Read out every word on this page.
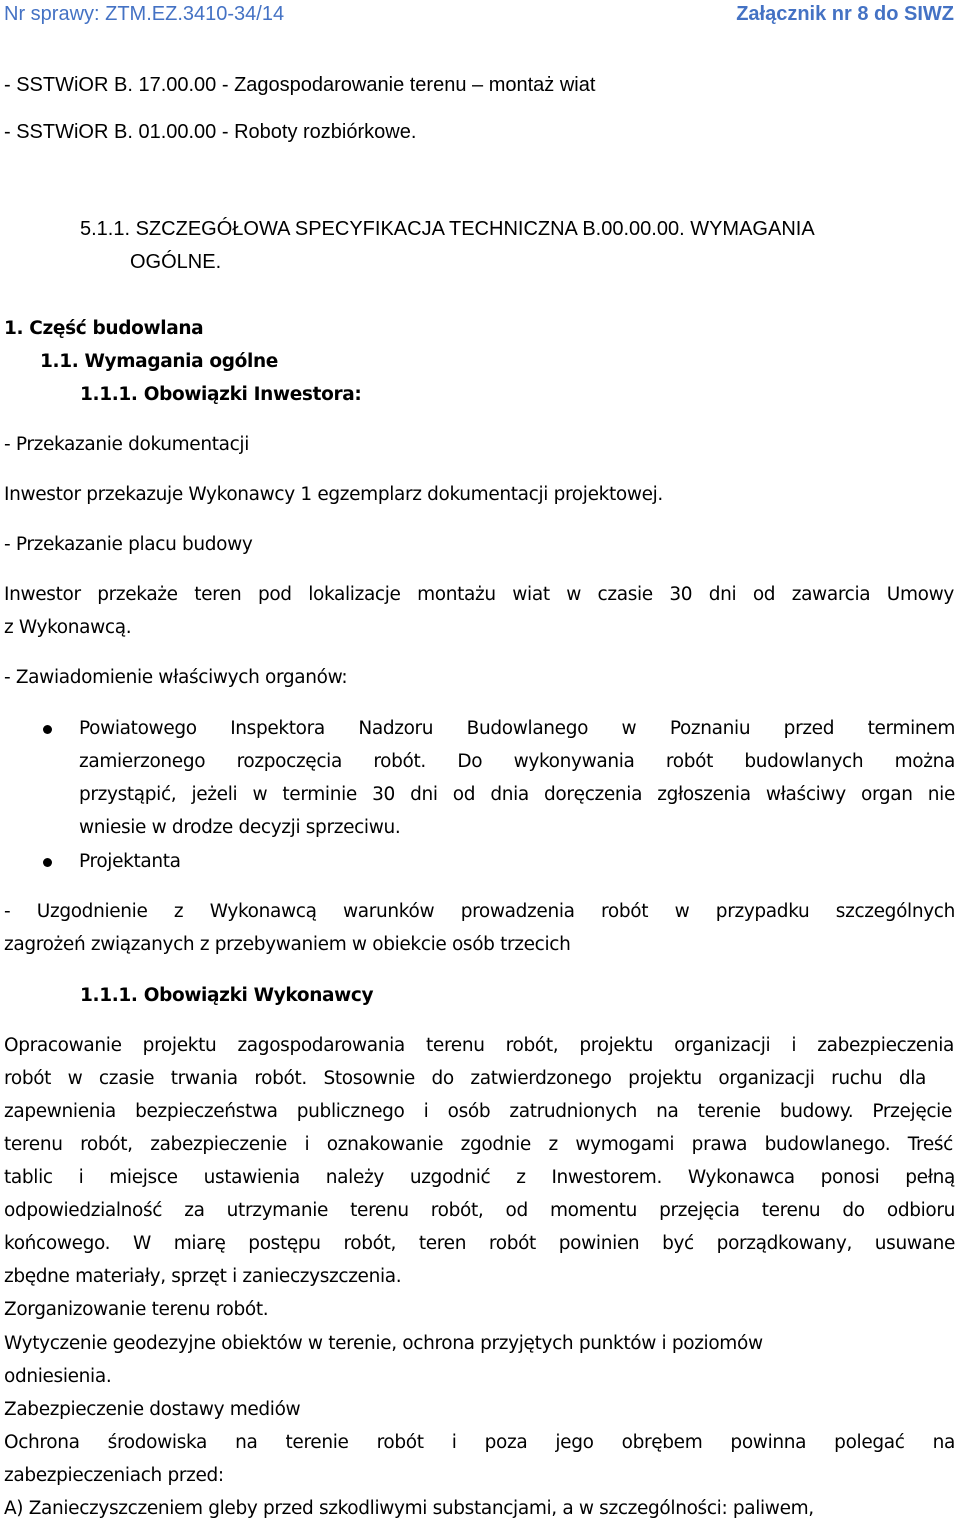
Nr sprawy: ZTM.EZ.3410-34/14	Załącznik nr 8 do SIWZ
- SSTWiOR B. 17.00.00 - Zagospodarowanie terenu – montaż wiat
- SSTWiOR B. 01.00.00 - Roboty rozbiórkowe.
5.1.1. SZCZEGÓŁOWA SPECYFIKACJA TECHNICZNA B.00.00.00. WYMAGANIA
OGÓLNE.
1. Część budowlana
1.1. Wymagania ogólne
1.1.1. Obowiązki Inwestora:
- Przekazanie dokumentacji
Inwestor przekazuje Wykonawcy 1 egzemplarz dokumentacji projektowej.
- Przekazanie placu budowy
Inwestor przekaże teren pod lokalizacje montażu wiat w czasie 30 dni od zawarcia Umowy
z Wykonawcą.
- Zawiadomienie właściwych organów:
Powiatowego Inspektora Nadzoru Budowlanego w Poznaniu przed terminem
zamierzonego rozpoczęcia robót. Do wykonywania robót budowlanych można
przystąpić, jeżeli w terminie 30 dni od dnia doręczenia zgłoszenia właściwy organ nie
wniesie w drodze decyzji sprzeciwu.
Projektanta
- Uzgodnienie z Wykonawcą warunków prowadzenia robót w przypadku szczególnych
zagrożeń związanych z przebywaniem w obiekcie osób trzecich
1.1.1. Obowiązki Wykonawcy
Opracowanie projektu zagospodarowania terenu robót, projektu organizacji i zabezpieczenia
robót w czasie trwania robót. Stosownie do zatwierdzonego projektu organizacji ruchu dla
zapewnienia bezpieczeństwa publicznego i osób zatrudnionych na terenie budowy. Przejęcie
terenu robót, zabezpieczenie i oznakowanie zgodnie z wymogami prawa budowlanego. Treść
tablic i miejsce ustawienia należy uzgodnić z Inwestorem. Wykonawca ponosi pełną
odpowiedzialność za utrzymanie terenu robót, od momentu przejęcia terenu do odbioru
końcowego. W miarę postępu robót, teren robót powinien być porządkowany, usuwane
zbędne materiały, sprzęt i zanieczyszczenia.
Zorganizowanie terenu robót.
Wytyczenie geodezyjne obiektów w terenie, ochrona przyjętych punktów i poziomów
odniesienia.
Zabezpieczenie dostawy mediów
Ochrona środowiska na terenie robót i poza jego obrębem powinna polegać na
zabezpieczeniach przed:
A) Zanieczyszczeniem gleby przed szkodliwymi substancjami, a w szczególności: paliwem,
